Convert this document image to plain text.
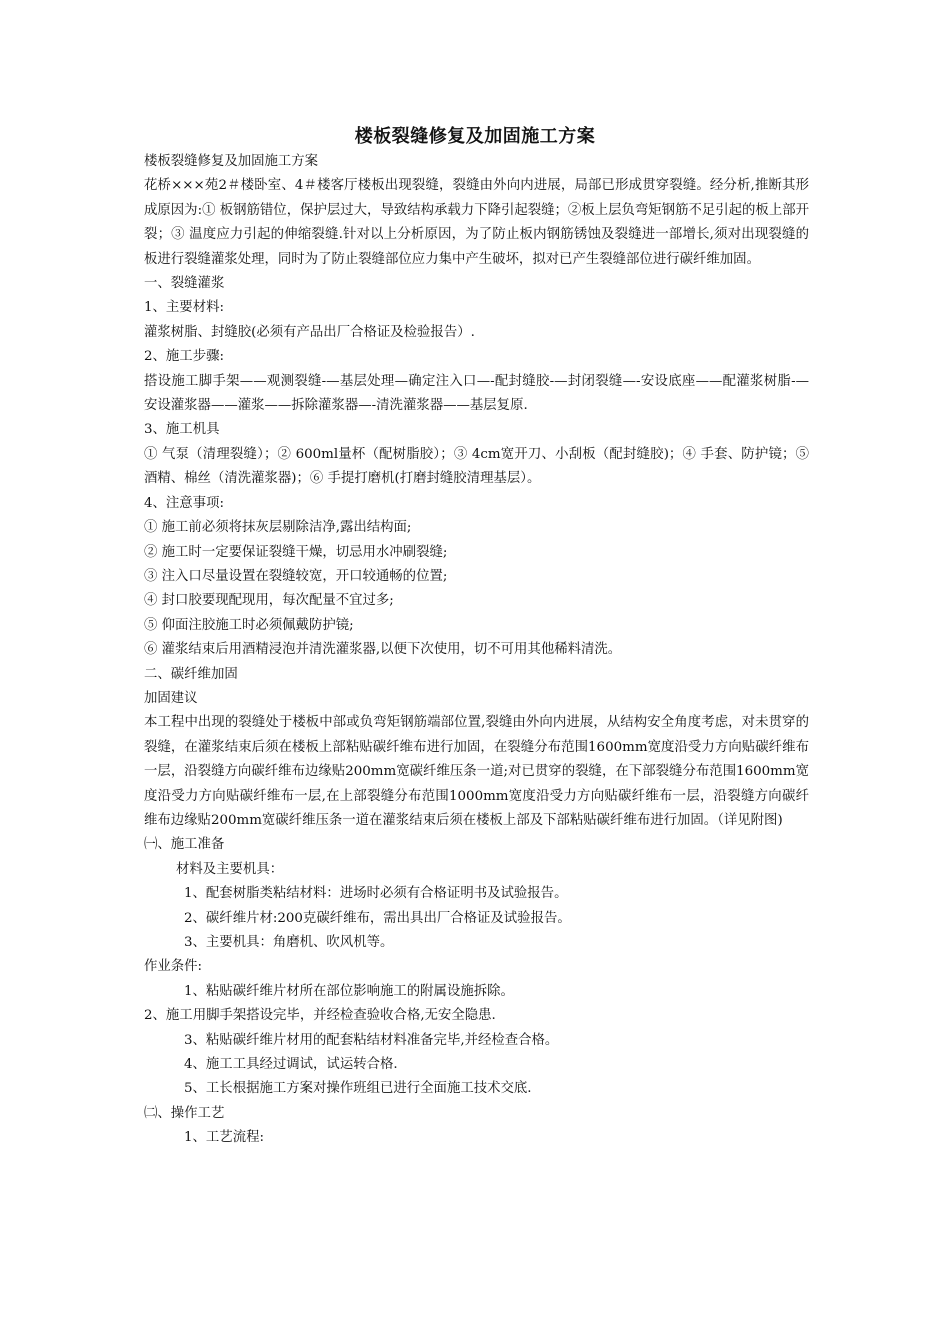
楼板裂缝修复及加固施工方案

楼板裂缝修复及加固施工方案

花桥×××苑2＃楼卧室、4＃楼客厅楼板出现裂缝，裂缝由外向内进展，局部已形成贯穿裂缝。经分析,推断其形成原因为:① 板钢筋错位，保护层过大，导致结构承载力下降引起裂缝；②板上层负弯矩钢筋不足引起的板上部开裂；③ 温度应力引起的伸缩裂缝.针对以上分析原因，为了防止板内钢筋锈蚀及裂缝进一部增长,须对出现裂缝的板进行裂缝灌浆处理，同时为了防止裂缝部位应力集中产生破坏，拟对已产生裂缝部位进行碳纤维加固。

一、裂缝灌浆

1、主要材料:

灌浆树脂、封缝胶(必须有产品出厂合格证及检验报告）.

2、施工步骤:

搭设施工脚手架——观测裂缝-—基层处理—确定注入口—-配封缝胶-—封闭裂缝—-安设底座——配灌浆树脂-—安设灌浆器——灌浆——拆除灌浆器—-清洗灌浆器——基层复原.

3、施工机具

① 气泵（清理裂缝）；② 600ml量杯（配树脂胶）；③ 4cm宽开刀、小刮板（配封缝胶)；④ 手套、防护镜；⑤ 酒精、棉丝（清洗灌浆器)；⑥ 手提打磨机(打磨封缝胶清理基层）。

4、注意事项:

① 施工前必须将抹灰层剔除洁净,露出结构面;

② 施工时一定要保证裂缝干燥，切忌用水冲刷裂缝;

③ 注入口尽量设置在裂缝较宽，开口较通畅的位置;

④ 封口胶要现配现用，每次配量不宜过多;

⑤ 仰面注胶施工时必须佩戴防护镜;

⑥ 灌浆结束后用酒精浸泡并清洗灌浆器,以便下次使用，切不可用其他稀料清洗。

二、碳纤维加固

加固建议

本工程中出现的裂缝处于楼板中部或负弯矩钢筋端部位置,裂缝由外向内进展，从结构安全角度考虑，对未贯穿的裂缝，在灌浆结束后须在楼板上部粘贴碳纤维布进行加固，在裂缝分布范围1600mm宽度沿受力方向贴碳纤维布一层，沿裂缝方向碳纤维布边缘贴200mm宽碳纤维压条一道;对已贯穿的裂缝，在下部裂缝分布范围1600mm宽度沿受力方向贴碳纤维布一层,在上部裂缝分布范围1000mm宽度沿受力方向贴碳纤维布一层，沿裂缝方向碳纤维布边缘贴200mm宽碳纤维压条一道在灌浆结束后须在楼板上部及下部粘贴碳纤维布进行加固。（详见附图)

㈠、施工准备

材料及主要机具：

1、配套树脂类粘结材料：进场时必须有合格证明书及试验报告。

2、碳纤维片材:200克碳纤维布，需出具出厂合格证及试验报告。

3、主要机具：角磨机、吹风机等。

作业条件:

1、粘贴碳纤维片材所在部位影响施工的附属设施拆除。

2、施工用脚手架搭设完毕，并经检查验收合格,无安全隐患.

3、粘贴碳纤维片材用的配套粘结材料准备完毕,并经检查合格。

4、施工工具经过调试，试运转合格.

5、工长根据施工方案对操作班组已进行全面施工技术交底.

㈡、操作工艺

1、工艺流程:
